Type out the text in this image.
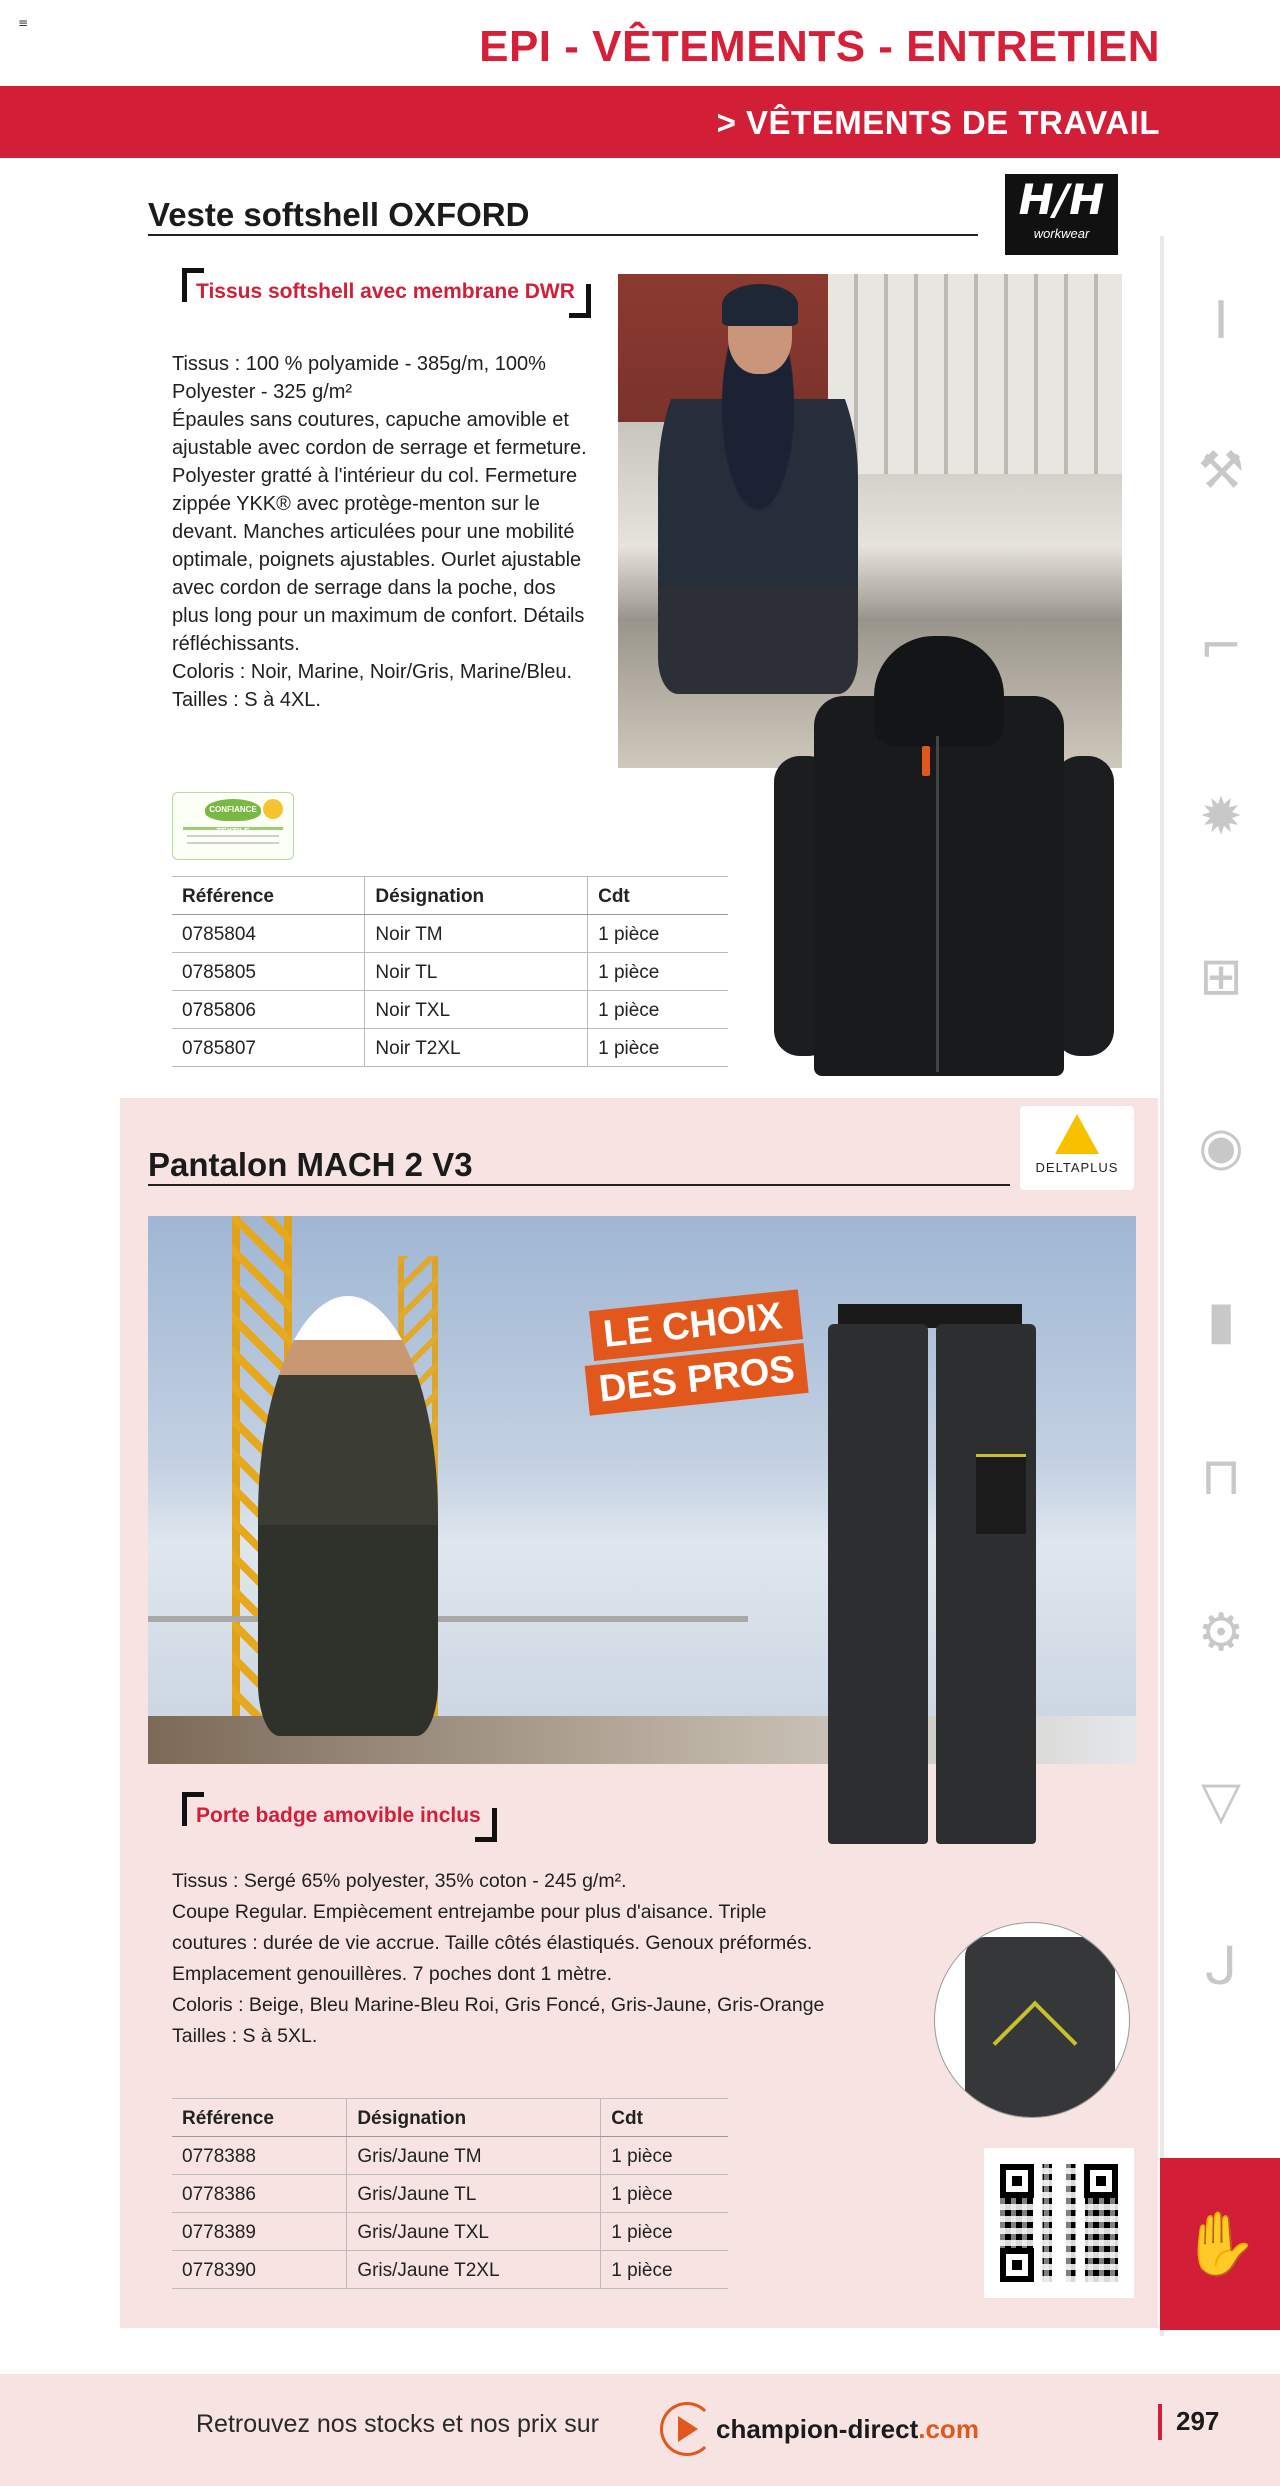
≡	EPI - VÊTEMENTS - ENTRETIEN
> VÊTEMENTS DE TRAVAIL
Veste softshell OXFORD	H/H
workwear
Tissus softshell avec membrane DWR

Tissus : 100 % polyamide - 385g/m, 100%

Polyester - 325 g/m²

Épaules sans coutures, capuche amovible et

ajustable avec cordon de serrage et fermeture.

Polyester gratté à l'intérieur du col. Fermeture

zippée YKK® avec protège-menton sur le

devant. Manches articulées pour une mobilité

optimale, poignets ajustables. Ourlet ajustable

avec cordon de serrage dans la poche, dos

plus long pour un maximum de confort. Détails

réfléchissants.

Coloris : Noir, Marine, Noir/Gris, Marine/Bleu.

Tailles : S à 4XL.

CONFIANCE TEXTILE
Référence	Désignation	Cdt
0785804	Noir TM	1 pièce
0785805	Noir TL	1 pièce
0785806	Noir TXL	1 pièce
0785807	Noir T2XL	1 pièce
Pantalon MACH 2 V3	DELTAPLUS
LE CHOIX
DES PROS
Porte badge amovible inclus

Tissus : Sergé 65% polyester, 35% coton - 245 g/m².

Coupe Regular. Empiècement entrejambe pour plus d'aisance. Triple

coutures : durée de vie accrue. Taille côtés élastiqués. Genoux préformés.

Emplacement genouillères. 7 poches dont 1 mètre.

Coloris : Beige, Bleu Marine-Bleu Roi, Gris Foncé, Gris-Jaune, Gris-Orange

Tailles : S à 5XL.

Référence	Désignation	Cdt
0778388	Gris/Jaune TM	1 pièce
0778386	Gris/Jaune TL	1 pièce
0778389	Gris/Jaune TXL	1 pièce
0778390	Gris/Jaune T2XL	1 pièce
I
⚒
⌐
✹
⊞
◉
▮
⊓
⚙
▽
ᒍ
✋
Retrouvez nos stocks et nos prix sur	champion-direct.com	297
